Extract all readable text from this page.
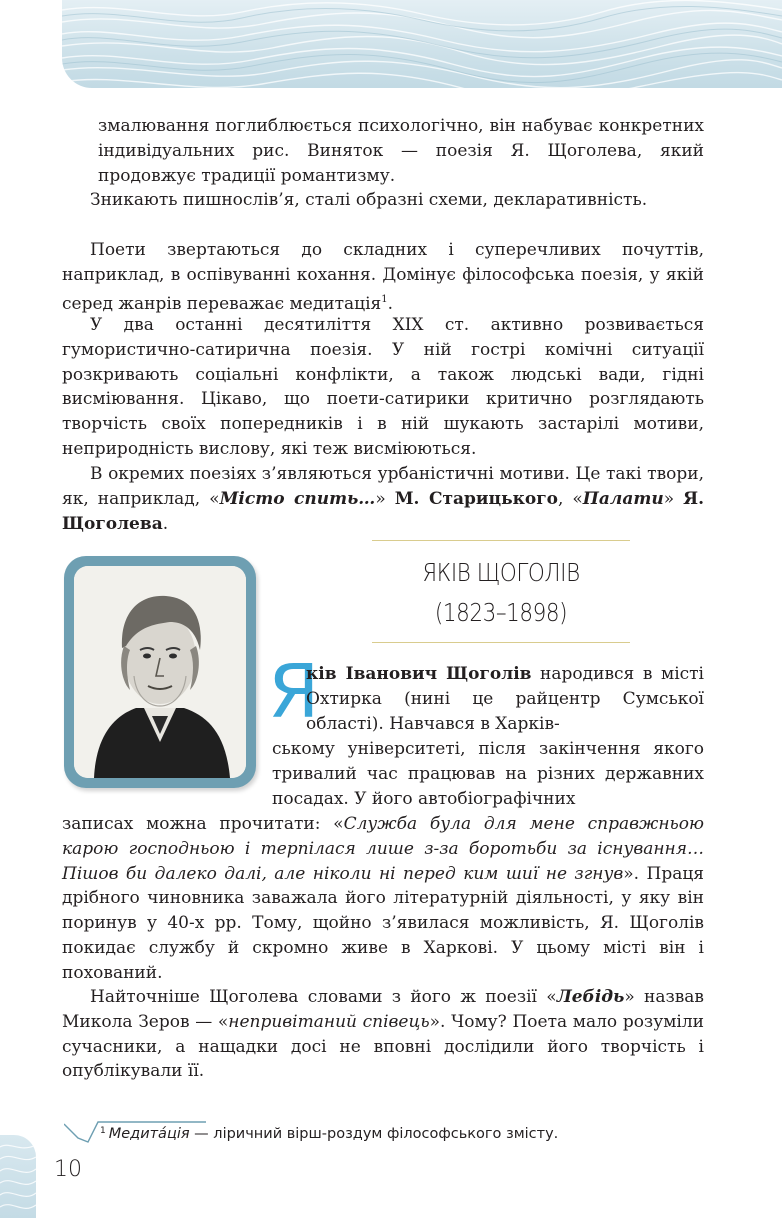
змалювання поглиблюється психологічно, він набуває конкретних індивідуальних рис. Виняток — поезія Я. Щоголева, який продовжує традиції романтизму.

Зникають пишнослів’я, сталі образні схеми, декларативність.

Поети звертаються до складних і суперечливих почуттів, наприклад, в оспівуванні кохання. Домінує філософська поезія, у якій серед жанрів переважає медитація$^1$.

У два останні десятиліття XIX ст. активно розвивається гумористично-сатирична поезія. У ній гострі комічні ситуації розкривають соціальні конфлікти, а також людські вади, гідні висміювання. Цікаво, що поети-сатирики критично розглядають творчість своїх попередників і в ній шукають застарілі мотиви, неприродність вислову, які теж висміюються.

В окремих поезіях з’являються урбаністичні мотиви. Це такі твори, як, наприклад, «Місто спить…» М. Старицького, «Палати» Я. Щоголева.

ЯКІВ ЩОГОЛІВ
(1823–1898)
Я

ків Іванович Щоголів народився в місті Охтирка (нині це райцентр Сумської області). Навчався в Харків-

ському університеті, після закінчення якого тривалий час працював на різних державних посадах. У його автобіографічних

записах можна прочитати: «Служба була для мене справжньою карою господньою і терпілася лише з-за боротьби за існування… Пішов би далеко далі, але ніколи ні перед ким шиї не згнув». Праця дрібного чиновника заважала його літературній діяльності, у яку він поринув у 40-х рр. Тому, щойно з’явилася можливість, Я. Щоголів покидає службу й скромно живе в Харкові. У цьому місті він і похований.

Найточніше Щоголева словами з його ж поезії «Лебідь» назвав Микола Зеров — «непривітаний співець». Чому? Поета мало розуміли сучасники, а нащадки досі не вповні дослідили його творчість і опублікували її.

$^1$ Медита́ція — ліричний вірш-роздум філософського змісту.
10
